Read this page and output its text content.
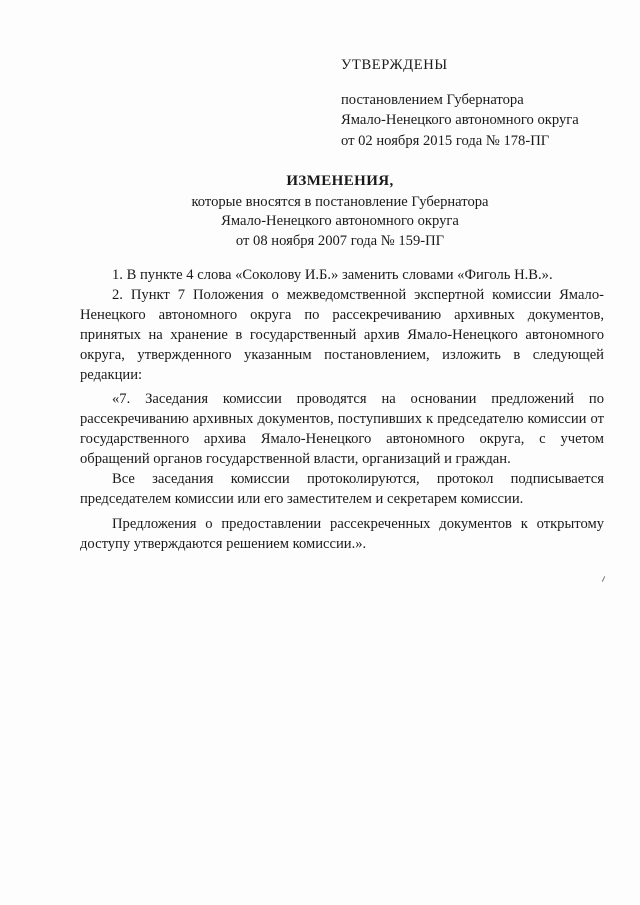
УТВЕРЖДЕНЫ
постановлением Губернатора
Ямало-Ненецкого автономного округа
от 02 ноября 2015 года № 178-ПГ
ИЗМЕНЕНИЯ,
которые вносятся в постановление Губернатора
Ямало-Ненецкого автономного округа
от 08 ноября 2007 года № 159-ПГ

1. В пункте 4 слова «Соколову И.Б.» заменить словами «Фиголь Н.В.».

2. Пункт 7 Положения о межведомственной экспертной комиссии Ямало-Ненецкого автономного округа по рассекречиванию архивных документов, принятых на хранение в государственный архив Ямало-Ненецкого автономного округа, утвержденного указанным постановлением, изложить в следующей редакции:

«7. Заседания комиссии проводятся на основании предложений по рассекречиванию архивных документов, поступивших к председателю комиссии от государственного архива Ямало-Ненецкого автономного округа, с учетом обращений органов государственной власти, организаций и граждан.

Все заседания комиссии протоколируются, протокол подписывается председателем комиссии или его заместителем и секретарем комиссии.

Предложения о предоставлении рассекреченных документов к открытому доступу утверждаются решением комиссии.».
